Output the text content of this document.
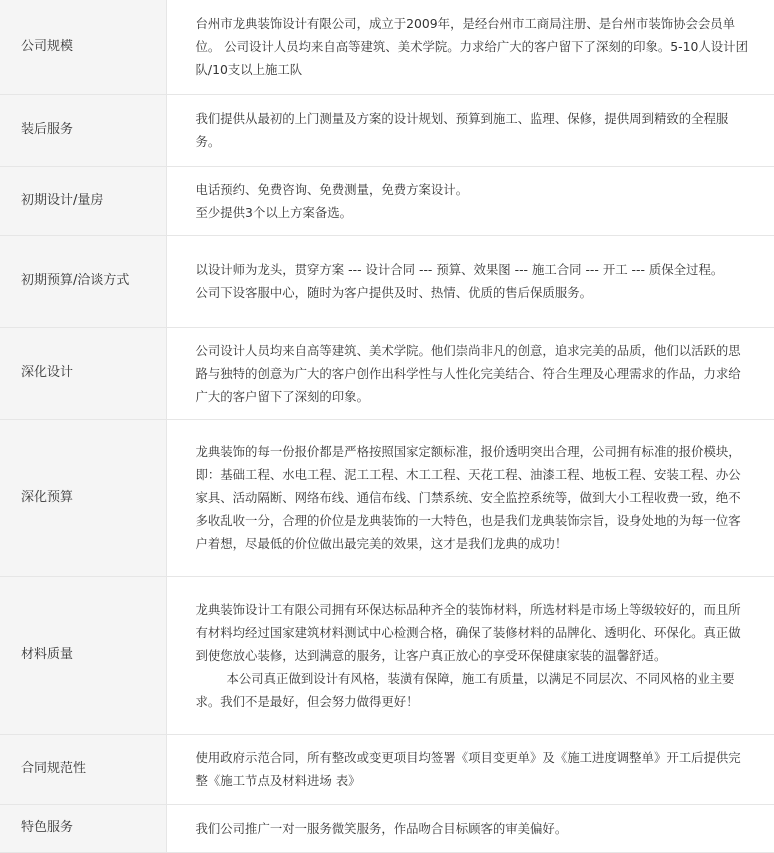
公司规模	台州市龙典装饰设计有限公司，成立于2009年，是经台州市工商局注册、是台州市装饰协会会员单位。 公司设计人员均来自高等建筑、美术学院。力求给广大的客户留下了深刻的印象。5-10人设计团队/10支以上施工队

装后服务	我们提供从最初的上门测量及方案的设计规划、预算到施工、监理、保修，提供周到精致的全程服务。

初期设计/量房	电话预约、免费咨询、免费测量，免费方案设计。
至少提供3个以上方案备选。

初期预算/洽谈方式	以设计师为龙头，贯穿方案 --- 设计合同 --- 预算、效果图 --- 施工合同 --- 开工 --- 质保全过程。
公司下设客服中心，随时为客户提供及时、热情、优质的售后保质服务。

深化设计	公司设计人员均来自高等建筑、美术学院。他们崇尚非凡的创意，追求完美的品质，他们以活跃的思路与独特的创意为广大的客户创作出科学性与人性化完美结合、符合生理及心理需求的作品，力求给广大的客户留下了深刻的印象。

深化预算	龙典装饰的每一份报价都是严格按照国家定额标准，报价透明突出合理，公司拥有标准的报价模块，即：基础工程、水电工程、泥工工程、木工工程、天花工程、油漆工程、地板工程、安装工程、办公家具、活动隔断、网络布线、通信布线、门禁系统、安全监控系统等，做到大小工程收费一致，绝不多收乱收一分，合理的价位是龙典装饰的一大特色，也是我们龙典装饰宗旨，设身处地的为每一位客户着想，尽最低的价位做出最完美的效果，这才是我们龙典的成功！

材料质量	龙典装饰设计工有限公司拥有环保达标品种齐全的装饰材料，所选材料是市场上等级较好的，而且所有材料均经过国家建筑材料测试中心检测合格，确保了装修材料的品牌化、透明化、环保化。真正做到使您放心装修，达到满意的服务，让客户真正放心的享受环保健康家装的温馨舒适。
本公司真正做到设计有风格，装潢有保障，施工有质量，以满足不同层次、不同风格的业主要求。我们不是最好，但会努力做得更好！

合同规范性	使用政府示范合同，所有整改或变更项目均签署《项目变更单》及《施工进度调整单》开工后提供完整《施工节点及材料进场 表》

特色服务	我们公司推广一对一服务微笑服务，作品吻合目标顾客的审美偏好。
